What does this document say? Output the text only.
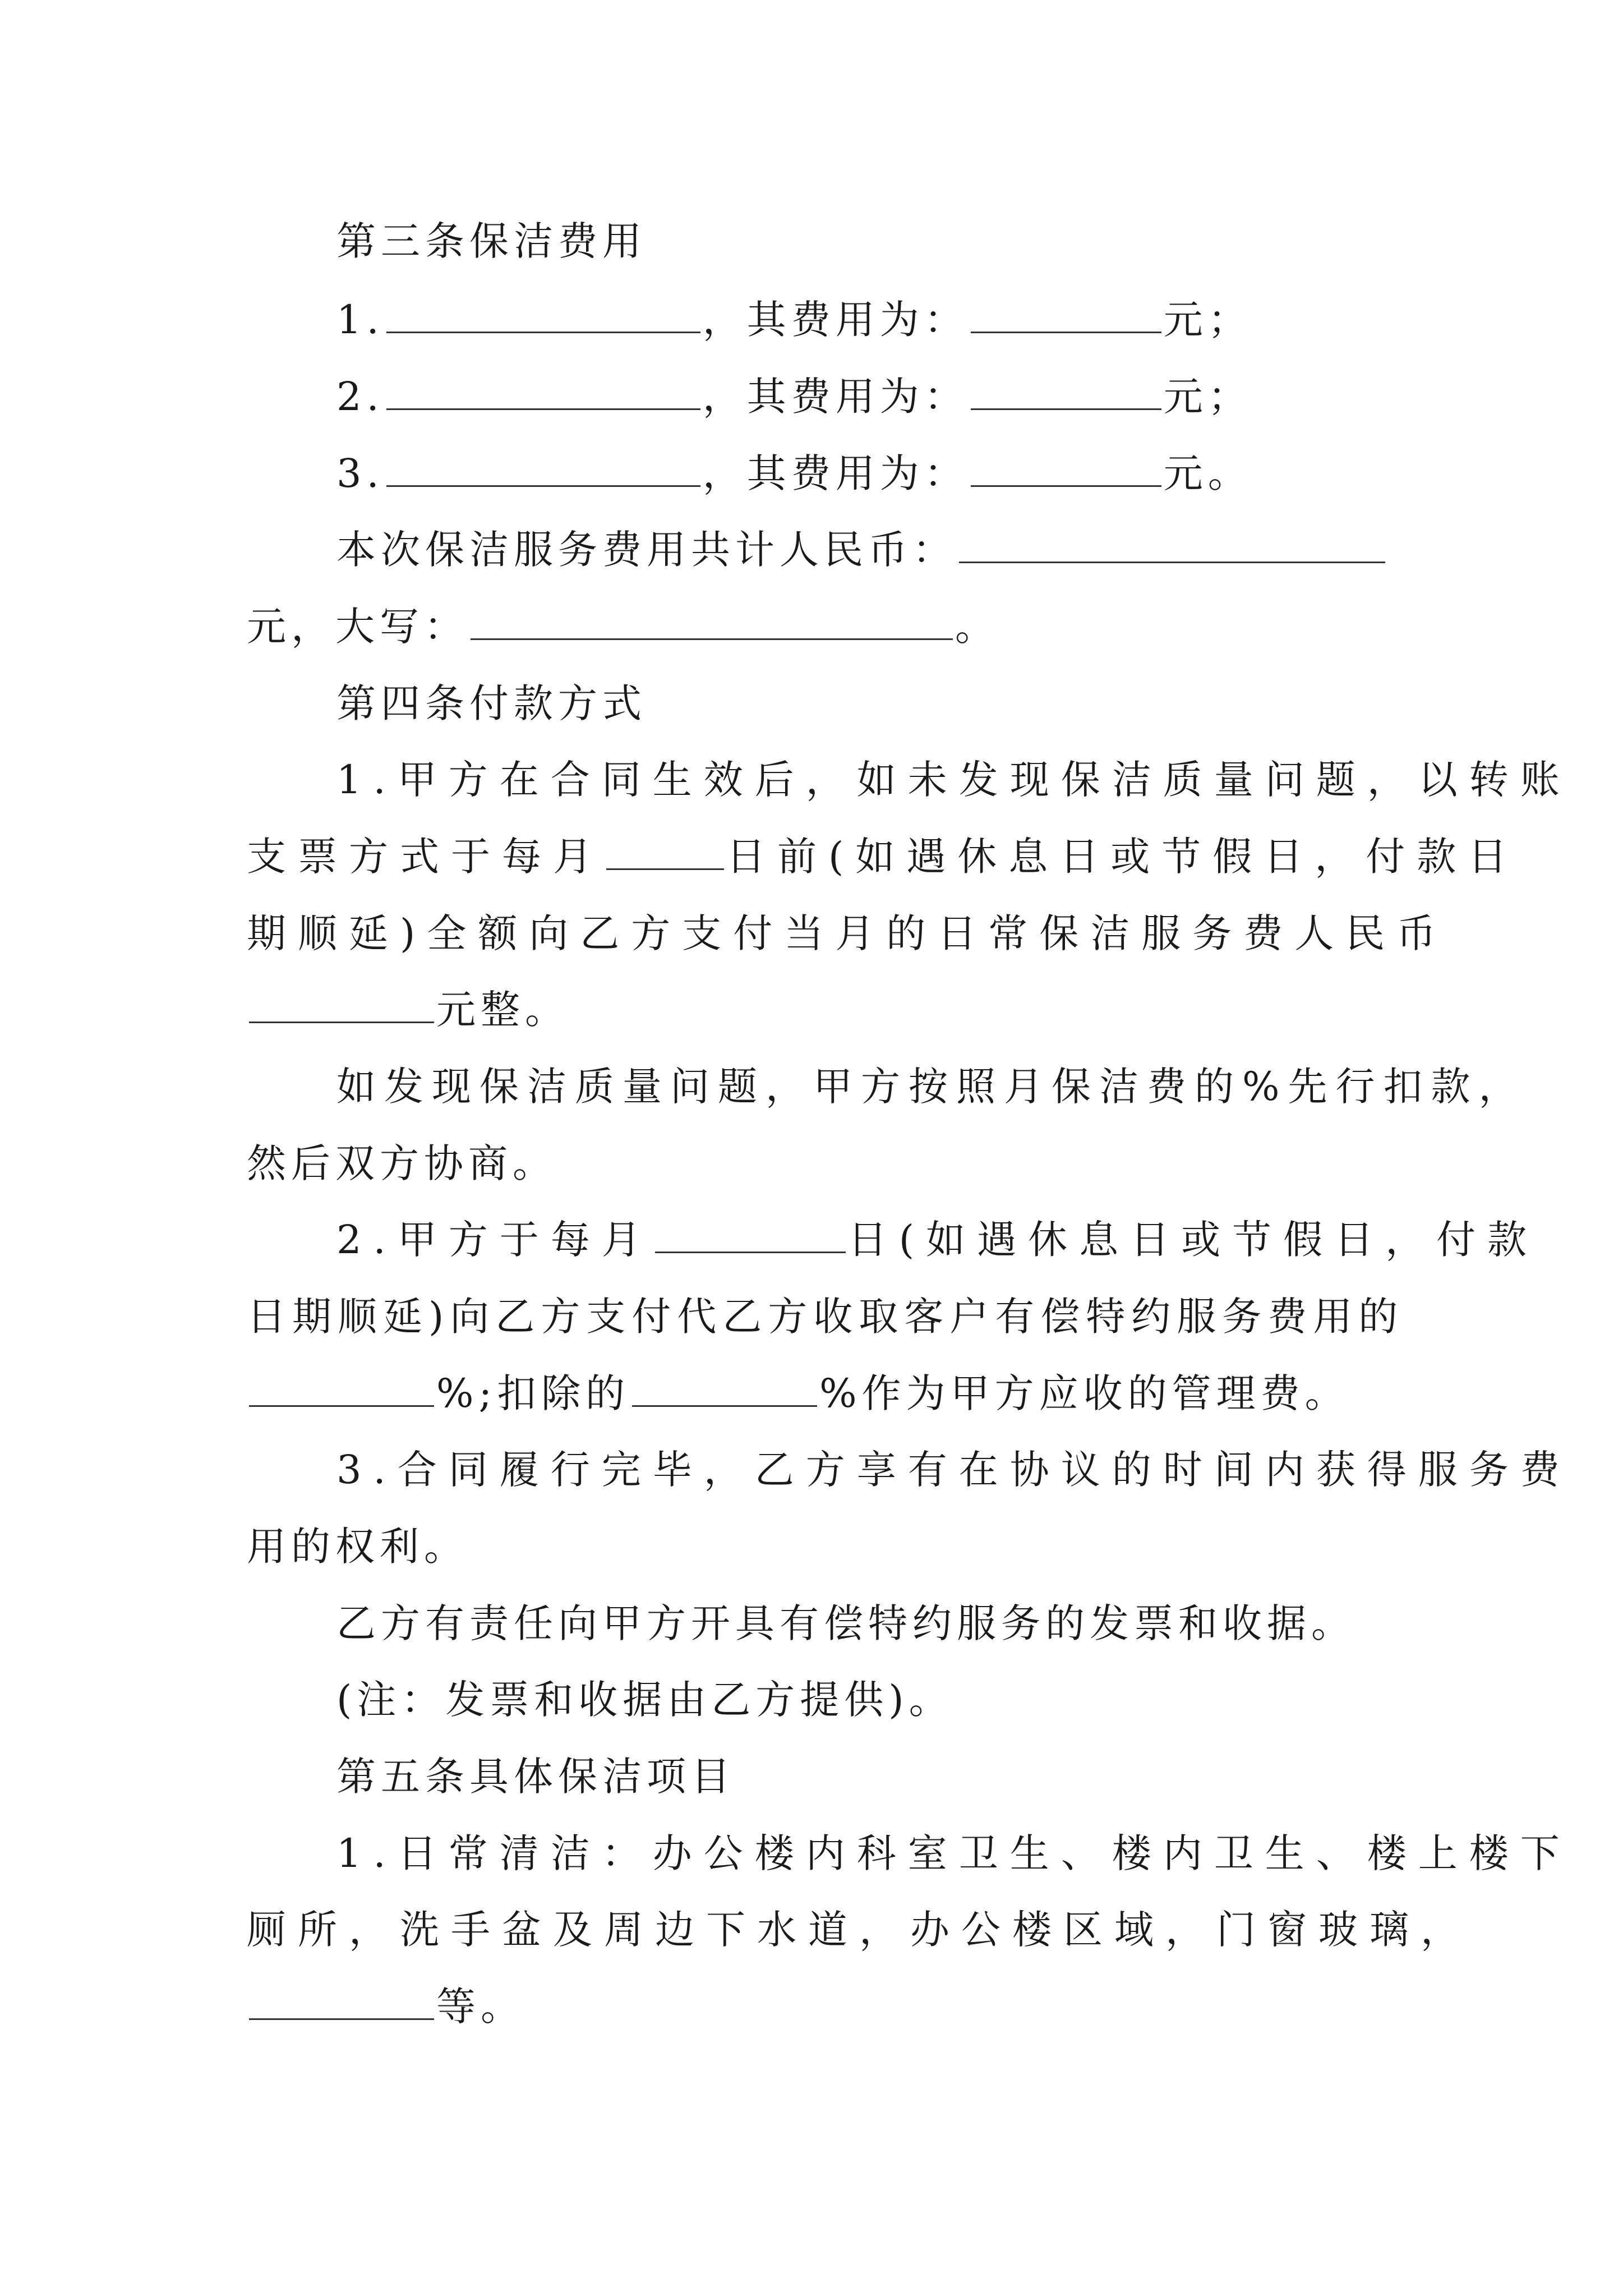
第三条保洁费用
1.	，其费用为：	元；
2.	，其费用为：	元；
3.	，其费用为：	元。
本次保洁服务费用共计人民币：
元，大写：	。
第四条付款方式
1.甲方在合同生效后，如未发现保洁质量问题，以转账
支票方式于每月	日前(如遇休息日或节假日，付款日
期顺延)全额向乙方支付当月的日常保洁服务费人民币
元整。
如发现保洁质量问题，甲方按照月保洁费的%先行扣款，
然后双方协商。
2.甲方于每月	日(如遇休息日或节假日，付款
日期顺延)向乙方支付代乙方收取客户有偿特约服务费用的
%;扣除的	%作为甲方应收的管理费。
3.合同履行完毕，乙方享有在协议的时间内获得服务费
用的权利。
乙方有责任向甲方开具有偿特约服务的发票和收据。
(注：发票和收据由乙方提供)。
第五条具体保洁项目
1.日常清洁：办公楼内科室卫生、楼内卫生、楼上楼下
厕所，洗手盆及周边下水道，办公楼区域，门窗玻璃，
等。
